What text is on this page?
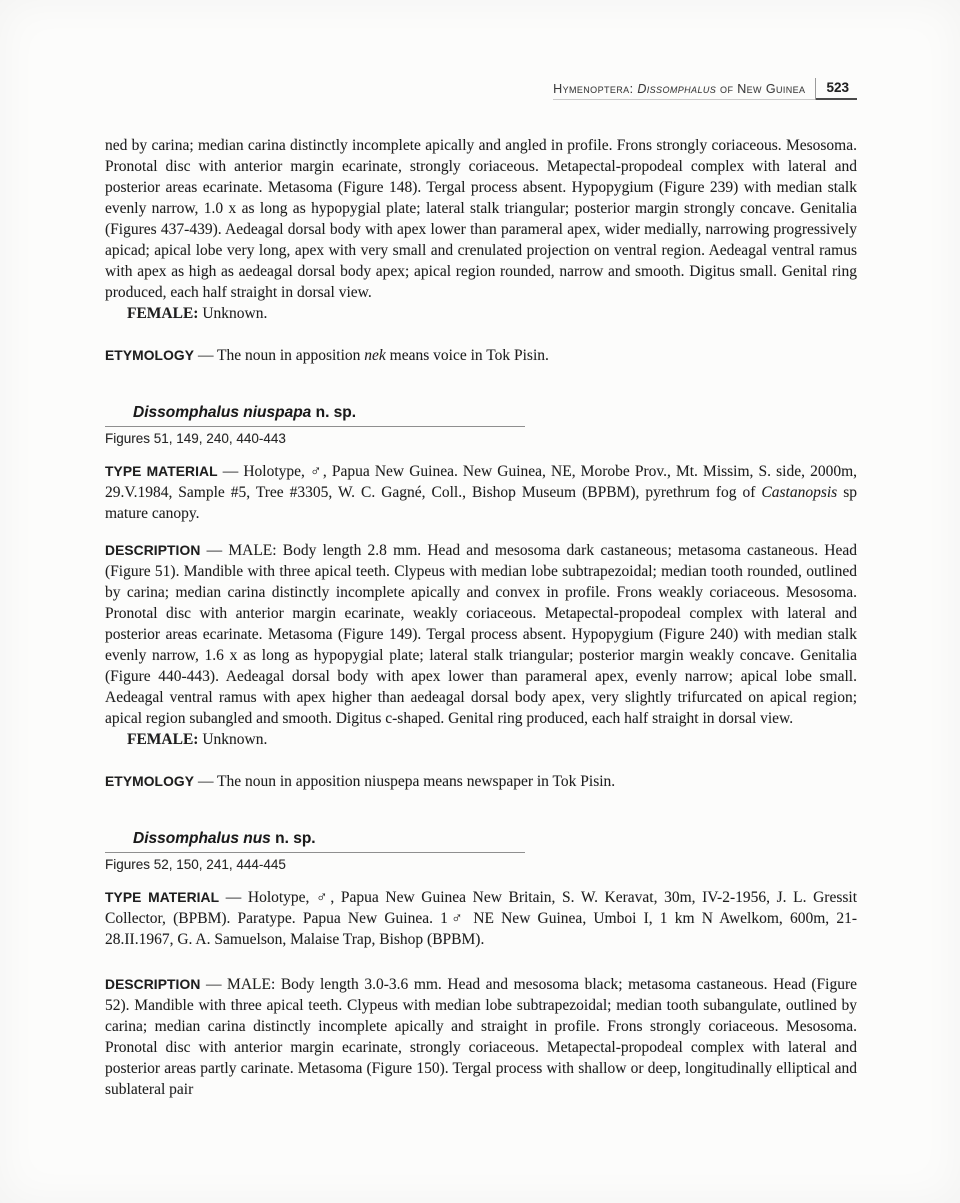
Hymenoptera: Dissomphalus of New Guinea	523

ned by carina; median carina distinctly incomplete apically and angled in profile. Frons strongly coriaceous. Mesosoma. Pronotal disc with anterior margin ecarinate, strongly coriaceous. Metapectal-propodeal complex with lateral and posterior areas ecarinate. Metasoma (Figure 148). Tergal process absent. Hypopygium (Figure 239) with median stalk evenly narrow, 1.0 x as long as hypopygial plate; lateral stalk triangular; posterior margin strongly concave. Genitalia (Figures 437-439). Aedeagal dorsal body with apex lower than parameral apex, wider medially, narrowing progressively apicad; apical lobe very long, apex with very small and crenulated projection on ventral region. Aedeagal ventral ramus with apex as high as aedeagal dorsal body apex; apical region rounded, narrow and smooth. Digitus small. Genital ring produced, each half straight in dorsal view.

FEMALE: Unknown.

ETYMOLOGY — The noun in apposition nek means voice in Tok Pisin.

Dissomphalus niuspapa n. sp.
Figures 51, 149, 240, 440-443

TYPE MATERIAL — Holotype, ♂, Papua New Guinea. New Guinea, NE, Morobe Prov., Mt. Missim, S. side, 2000m, 29.V.1984, Sample #5, Tree #3305, W. C. Gagné, Coll., Bishop Museum (BPBM), pyrethrum fog of Castanopsis sp mature canopy.

DESCRIPTION — MALE: Body length 2.8 mm. Head and mesosoma dark castaneous; metasoma castaneous. Head (Figure 51). Mandible with three apical teeth. Clypeus with median lobe subtrapezoidal; median tooth rounded, outlined by carina; median carina distinctly incomplete apically and convex in profile. Frons weakly coriaceous. Mesosoma. Pronotal disc with anterior margin ecarinate, weakly coriaceous. Metapectal-propodeal complex with lateral and posterior areas ecarinate. Metasoma (Figure 149). Tergal process absent. Hypopygium (Figure 240) with median stalk evenly narrow, 1.6 x as long as hypopygial plate; lateral stalk triangular; posterior margin weakly concave. Genitalia (Figure 440-443). Aedeagal dorsal body with apex lower than parameral apex, evenly narrow; apical lobe small. Aedeagal ventral ramus with apex higher than aedeagal dorsal body apex, very slightly trifurcated on apical region; apical region subangled and smooth. Digitus c-shaped. Genital ring produced, each half straight in dorsal view.

FEMALE: Unknown.

ETYMOLOGY — The noun in apposition niuspepa means newspaper in Tok Pisin.

Dissomphalus nus n. sp.
Figures 52, 150, 241, 444-445

TYPE MATERIAL — Holotype, ♂, Papua New Guinea New Britain, S. W. Keravat, 30m, IV-2-1956, J. L. Gressit Collector, (BPBM). Paratype. Papua New Guinea. 1♂ NE New Guinea, Umboi I, 1 km N Awelkom, 600m, 21-28.II.1967, G. A. Samuelson, Malaise Trap, Bishop (BPBM).

DESCRIPTION — MALE: Body length 3.0-3.6 mm. Head and mesosoma black; metasoma castaneous. Head (Figure 52). Mandible with three apical teeth. Clypeus with median lobe subtrapezoidal; median tooth subangulate, outlined by carina; median carina distinctly incomplete apically and straight in profile. Frons strongly coriaceous. Mesosoma. Pronotal disc with anterior margin ecarinate, strongly coriaceous. Metapectal-propodeal complex with lateral and posterior areas partly carinate. Metasoma (Figure 150). Tergal process with shallow or deep, longitudinally elliptical and sublateral pair
